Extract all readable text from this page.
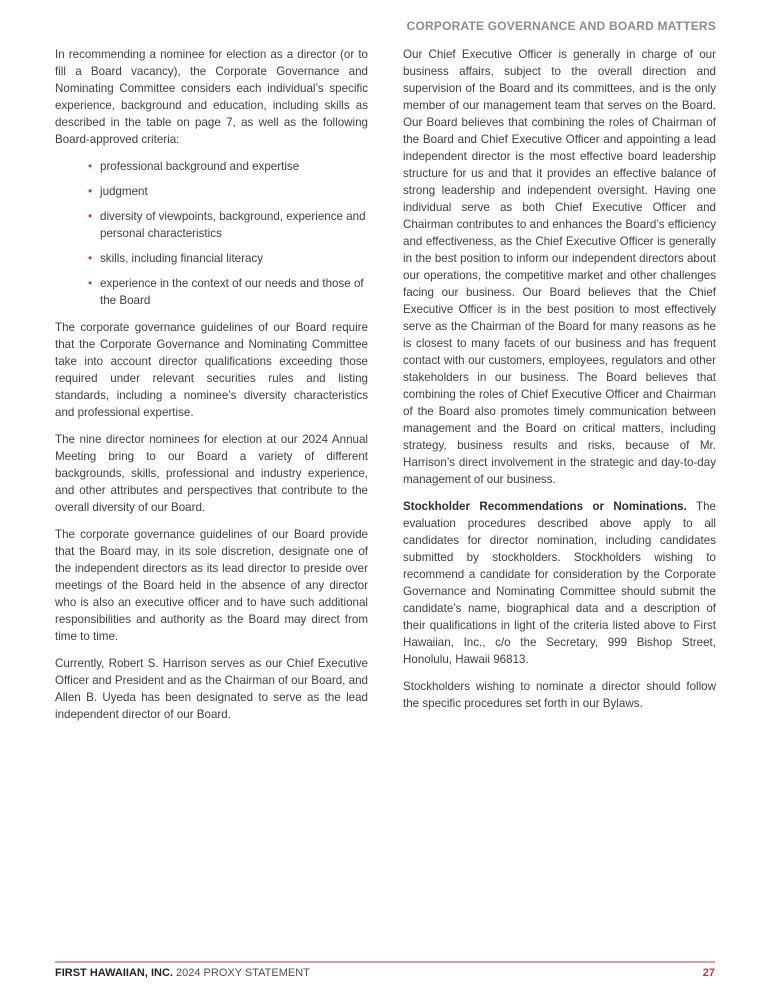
CORPORATE GOVERNANCE AND BOARD MATTERS

In recommending a nominee for election as a director (or to fill a Board vacancy), the Corporate Governance and Nominating Committee considers each individual’s specific experience, background and education, including skills as described in the table on page 7, as well as the following Board-approved criteria:

• professional background and expertise
• judgment
• diversity of viewpoints, background, experience and personal characteristics
• skills, including financial literacy
• experience in the context of our needs and those of the Board

The corporate governance guidelines of our Board require that the Corporate Governance and Nominating Committee take into account director qualifications exceeding those required under relevant securities rules and listing standards, including a nominee’s diversity characteristics and professional expertise.

The nine director nominees for election at our 2024 Annual Meeting bring to our Board a variety of different backgrounds, skills, professional and industry experience, and other attributes and perspectives that contribute to the overall diversity of our Board.

The corporate governance guidelines of our Board provide that the Board may, in its sole discretion, designate one of the independent directors as its lead director to preside over meetings of the Board held in the absence of any director who is also an executive officer and to have such additional responsibilities and authority as the Board may direct from time to time.

Currently, Robert S. Harrison serves as our Chief Executive Officer and President and as the Chairman of our Board, and Allen B. Uyeda has been designated to serve as the lead independent director of our Board.

Our Chief Executive Officer is generally in charge of our business affairs, subject to the overall direction and supervision of the Board and its committees, and is the only member of our management team that serves on the Board. Our Board believes that combining the roles of Chairman of the Board and Chief Executive Officer and appointing a lead independent director is the most effective board leadership structure for us and that it provides an effective balance of strong leadership and independent oversight. Having one individual serve as both Chief Executive Officer and Chairman contributes to and enhances the Board’s efficiency and effectiveness, as the Chief Executive Officer is generally in the best position to inform our independent directors about our operations, the competitive market and other challenges facing our business. Our Board believes that the Chief Executive Officer is in the best position to most effectively serve as the Chairman of the Board for many reasons as he is closest to many facets of our business and has frequent contact with our customers, employees, regulators and other stakeholders in our business. The Board believes that combining the roles of Chief Executive Officer and Chairman of the Board also promotes timely communication between management and the Board on critical matters, including strategy, business results and risks, because of Mr. Harrison’s direct involvement in the strategic and day-to-day management of our business.

Stockholder Recommendations or Nominations. The evaluation procedures described above apply to all candidates for director nomination, including candidates submitted by stockholders. Stockholders wishing to recommend a candidate for consideration by the Corporate Governance and Nominating Committee should submit the candidate’s name, biographical data and a description of their qualifications in light of the criteria listed above to First Hawaiian, Inc., c/o the Secretary, 999 Bishop Street, Honolulu, Hawaii 96813.

Stockholders wishing to nominate a director should follow the specific procedures set forth in our Bylaws.

FIRST HAWAIIAN, INC. 2024 PROXY STATEMENT	27
